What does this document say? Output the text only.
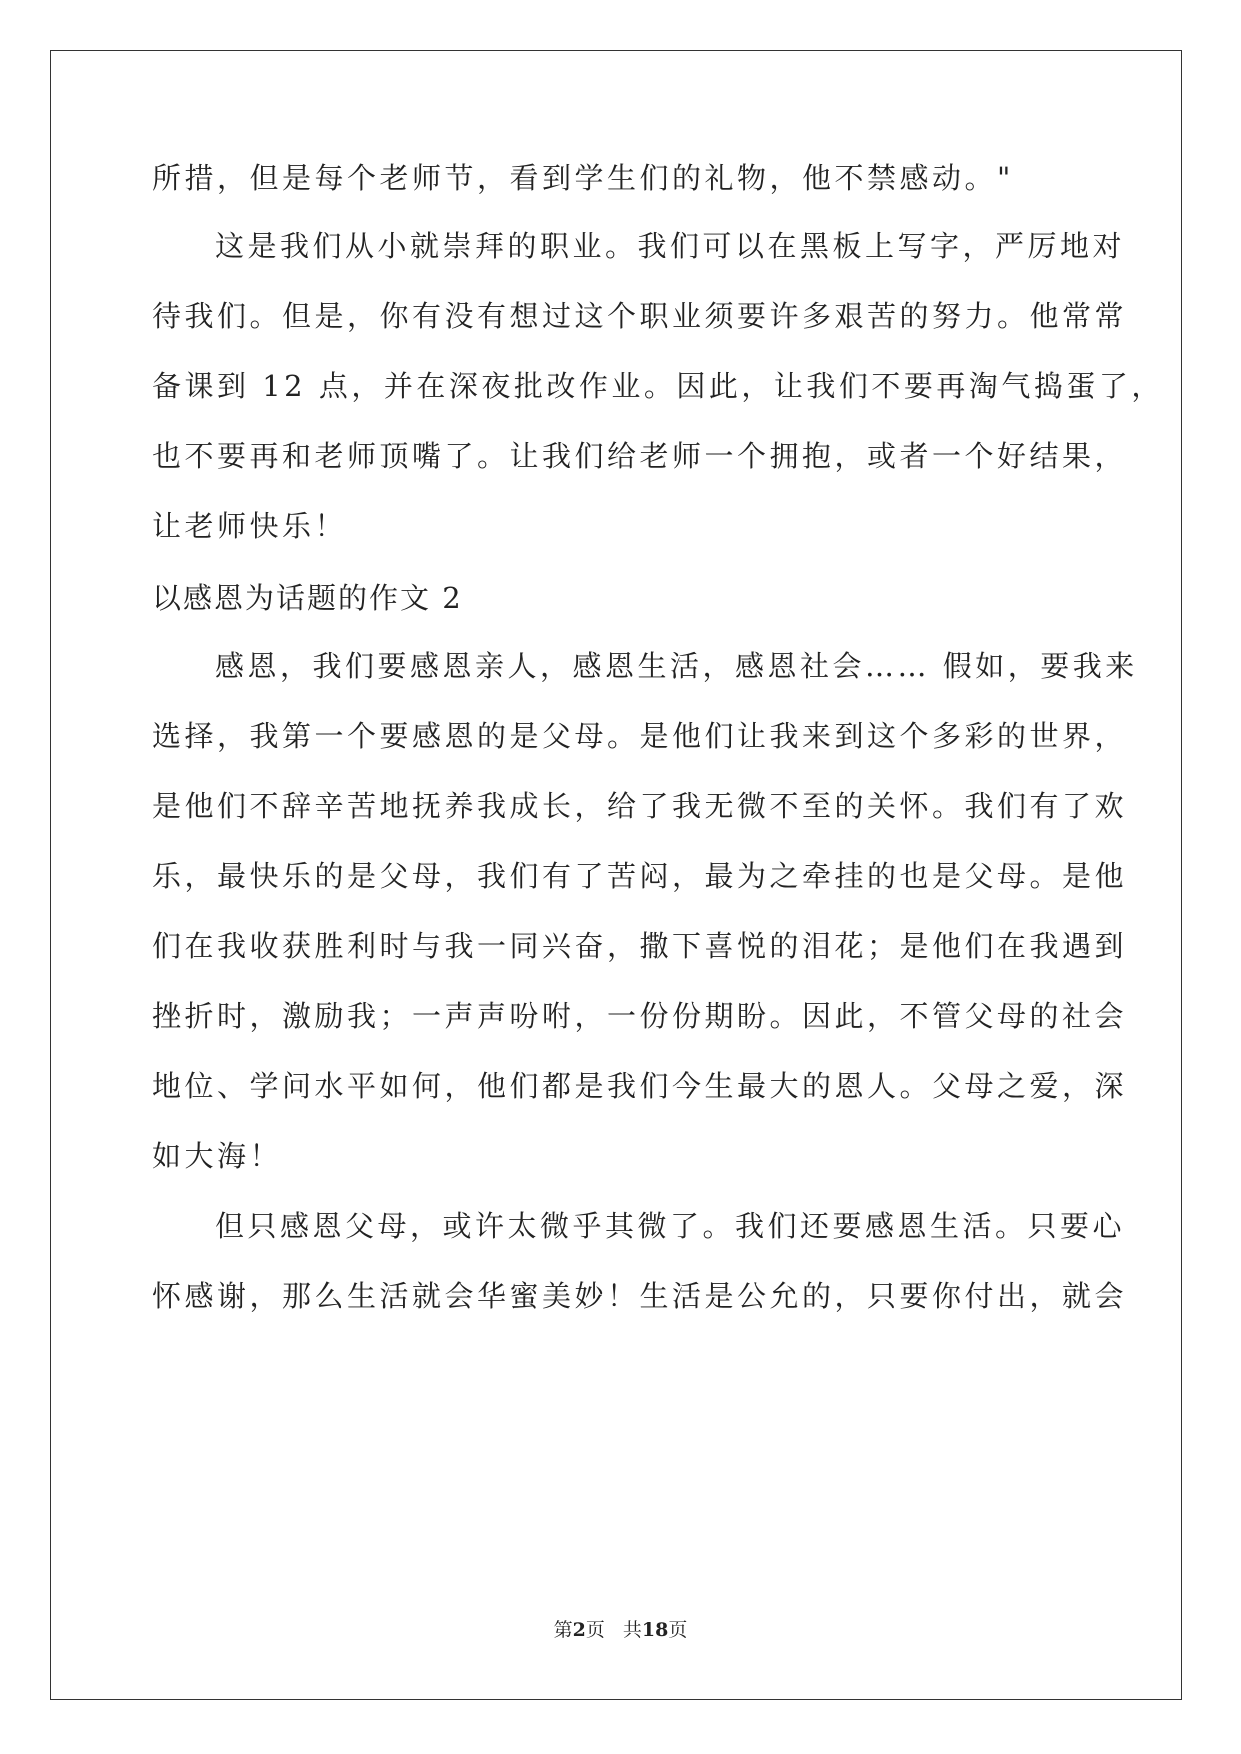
所措，但是每个老师节，看到学生们的礼物，他不禁感动。"
这是我们从小就崇拜的职业。我们可以在黑板上写字，严厉地对
待我们。但是，你有没有想过这个职业须要许多艰苦的努力。他常常
备课到 12 点，并在深夜批改作业。因此，让我们不要再淘气捣蛋了，
也不要再和老师顶嘴了。让我们给老师一个拥抱，或者一个好结果，
让老师快乐！
以感恩为话题的作文 2
感恩，我们要感恩亲人，感恩生活，感恩社会…… 假如，要我来
选择，我第一个要感恩的是父母。是他们让我来到这个多彩的世界，
是他们不辞辛苦地抚养我成长，给了我无微不至的关怀。我们有了欢
乐，最快乐的是父母，我们有了苦闷，最为之牵挂的也是父母。是他
们在我收获胜利时与我一同兴奋，撒下喜悦的泪花；是他们在我遇到
挫折时，激励我；一声声吩咐，一份份期盼。因此，不管父母的社会
地位、学问水平如何，他们都是我们今生最大的恩人。父母之爱，深
如大海！
但只感恩父母，或许太微乎其微了。我们还要感恩生活。只要心
怀感谢，那么生活就会华蜜美妙！生活是公允的，只要你付出，就会
第2页 共18页
